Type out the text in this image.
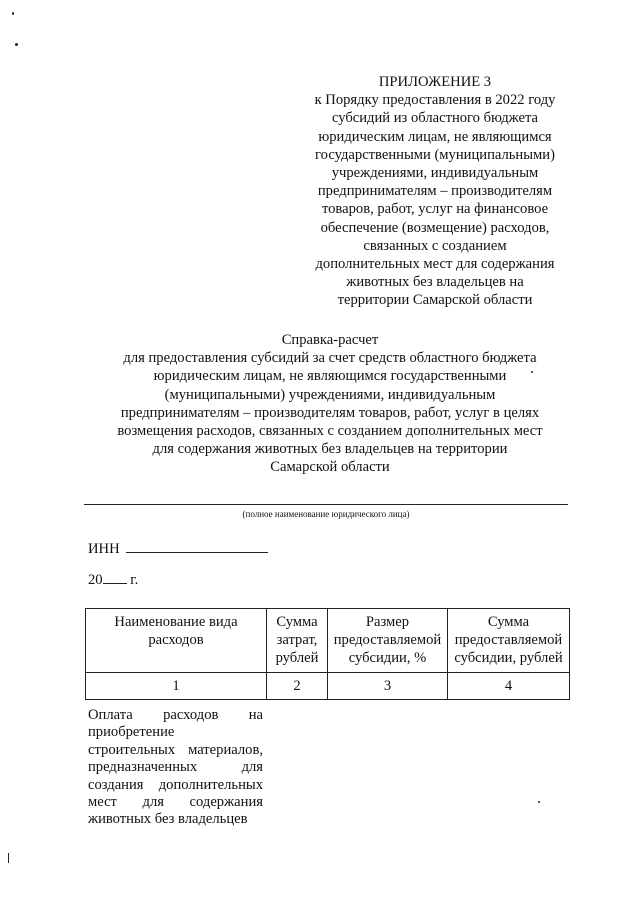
ПРИЛОЖЕНИЕ 3
к Порядку предоставления в 2022 году
субсидий из областного бюджета
юридическим лицам, не являющимся
государственными (муниципальными)
учреждениями, индивидуальным
предпринимателям – производителям
товаров, работ, услуг на финансовое
обеспечение (возмещение) расходов,
связанных с созданием
дополнительных мест для содержания
животных без владельцев на
территории Самарской области
Справка-расчет
для предоставления субсидий за счет средств областного бюджета
юридическим лицам, не являющимся государственными
(муниципальными) учреждениями, индивидуальным
предпринимателям – производителям товаров, работ, услуг в целях
возмещения расходов, связанных с созданием дополнительных мест
для содержания животных без владельцев на территории
Самарской области
(полное наименование юридического лица)
ИНН
20 г.
Наименование вида расходов	Сумма затрат, рублей	Размер предоставляемой субсидии, %	Сумма предоставляемой субсидии, рублей
1	2	3	4
Оплата расходов на приобретение строительных материалов, предназначенных для создания дополнительных мест для содержания животных без владельцев
